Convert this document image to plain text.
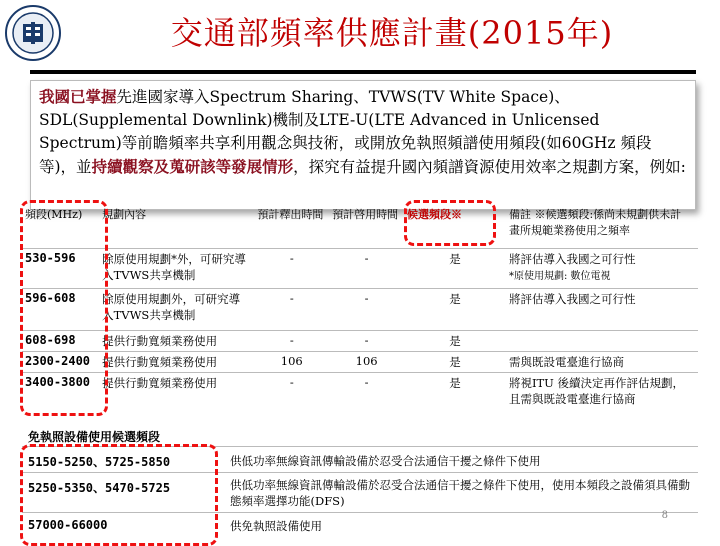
交通部頻率供應計畫(2015年)
我國已掌握先進國家導入Spectrum Sharing、TVWS(TV White Space)、SDL(Supplemental Downlink)機制及LTE-U(LTE Advanced in Unlicensed Spectrum)等前瞻頻率共享利用觀念與技術，或開放免執照頻譜使用頻段(如60GHz 頻段等)，並持續觀察及蒐研該等發展情形，探究有益提升國內頻譜資源使用效率之規劃方案，例如:
頻段(MHz)	規劃內容	預計釋出時間	預計啓用時間	候選頻段※	備註 ※候選頻段:係尚未規劃供未計
畫所規範業務使用之頻率
530-596	除原使用規劃*外，可研究導入TVWS共享機制	-	-	是	將評估導入我國之可行性
*原使用規劃: 數位電視

596-608	除原使用規劃外，可研究導入TVWS共享機制	-	-	是	將評估導入我國之可行性
608-698	提供行動寬頻業務使用	-	-	是	
2300-2400	提供行動寬頻業務使用	106	106	是	需與既設電臺進行協商
3400-3800	提供行動寬頻業務使用	-	-	是	將視ITU 後續決定再作評估規劃，且需與既設電臺進行協商
免執照設備使用候選頻段
5150-5250、5725-5850	供低功率無線資訊傳輸設備於忍受合法通信干擾之條件下使用
5250-5350、5470-5725	供低功率無線資訊傳輸設備於忍受合法通信干擾之條件下使用，使用本頻段之設備須具備動態頻率選擇功能(DFS)
57000-66000	供免執照設備使用
8
